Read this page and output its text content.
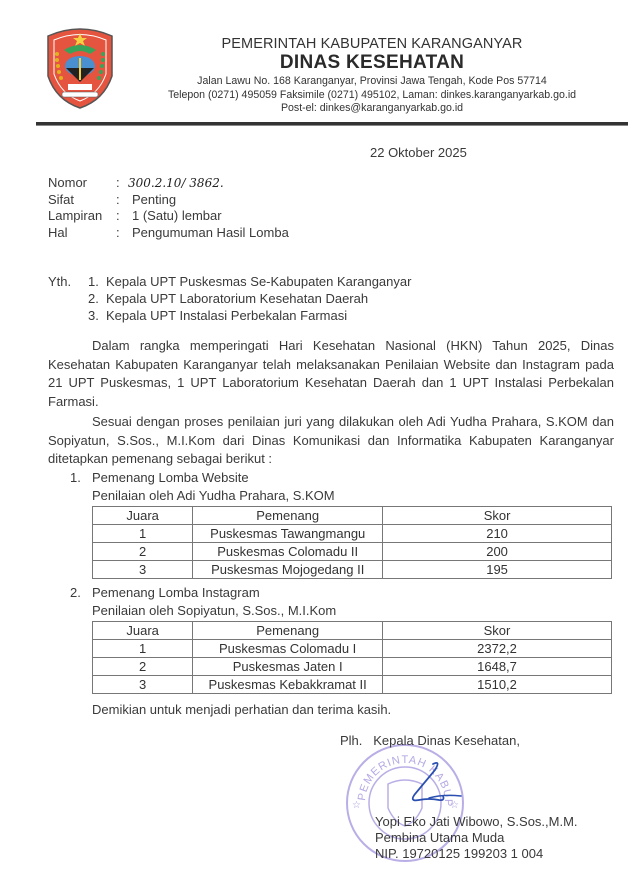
PEMERINTAH KABUPATEN KARANGANYAR
DINAS KESEHATAN
Jalan Lawu No. 168 Karanganyar, Provinsi Jawa Tengah, Kode Pos 57714
Telepon (0271) 495059 Faksimile (0271) 495102, Laman: dinkes.karanganyarkab.go.id
Post-el: dinkes@karanganyarkab.go.id
22 Oktober 2025
Nomor	: 300.2.10/ 3862.
Sifat	: Penting
Lampiran	: 1 (Satu) lembar
Hal	: Pengumuman Hasil Lomba
Yth.	1. Kepala UPT Puskesmas Se-Kabupaten Karanganyar
2. Kepala UPT Laboratorium Kesehatan Daerah
3. Kepala UPT Instalasi Perbekalan Farmasi
Dalam rangka memperingati Hari Kesehatan Nasional (HKN) Tahun 2025, Dinas Kesehatan Kabupaten Karanganyar telah melaksanakan Penilaian Website dan Instagram pada 21 UPT Puskesmas, 1 UPT Laboratorium Kesehatan Daerah dan 1 UPT Instalasi Perbekalan Farmasi.
Sesuai dengan proses penilaian juri yang dilakukan oleh Adi Yudha Prahara, S.KOM dan Sopiyatun, S.Sos., M.I.Kom dari Dinas Komunikasi dan Informatika Kabupaten Karanganyar ditetapkan pemenang sebagai berikut :
1. Pemenang Lomba Website
Penilaian oleh Adi Yudha Prahara, S.KOM
Juara	Pemenang	Skor
1	Puskesmas Tawangmangu	210
2	Puskesmas Colomadu II	200
3	Puskesmas Mojogedang II	195
2. Pemenang Lomba Instagram
Penilaian oleh Sopiyatun, S.Sos., M.I.Kom
Juara	Pemenang	Skor
1	Puskesmas Colomadu I	2372,2
2	Puskesmas Jaten I	1648,7
3	Puskesmas Kebakkramat II	1510,2
Demikian untuk menjadi perhatian dan terima kasih.
PEMERINTAH KABUP
☆	☆
Plh.   Kepala Dinas Kesehatan,
Yopi Eko Jati Wibowo, S.Sos.,M.M.
Pembina Utama Muda
NIP. 19720125 199203 1 004
